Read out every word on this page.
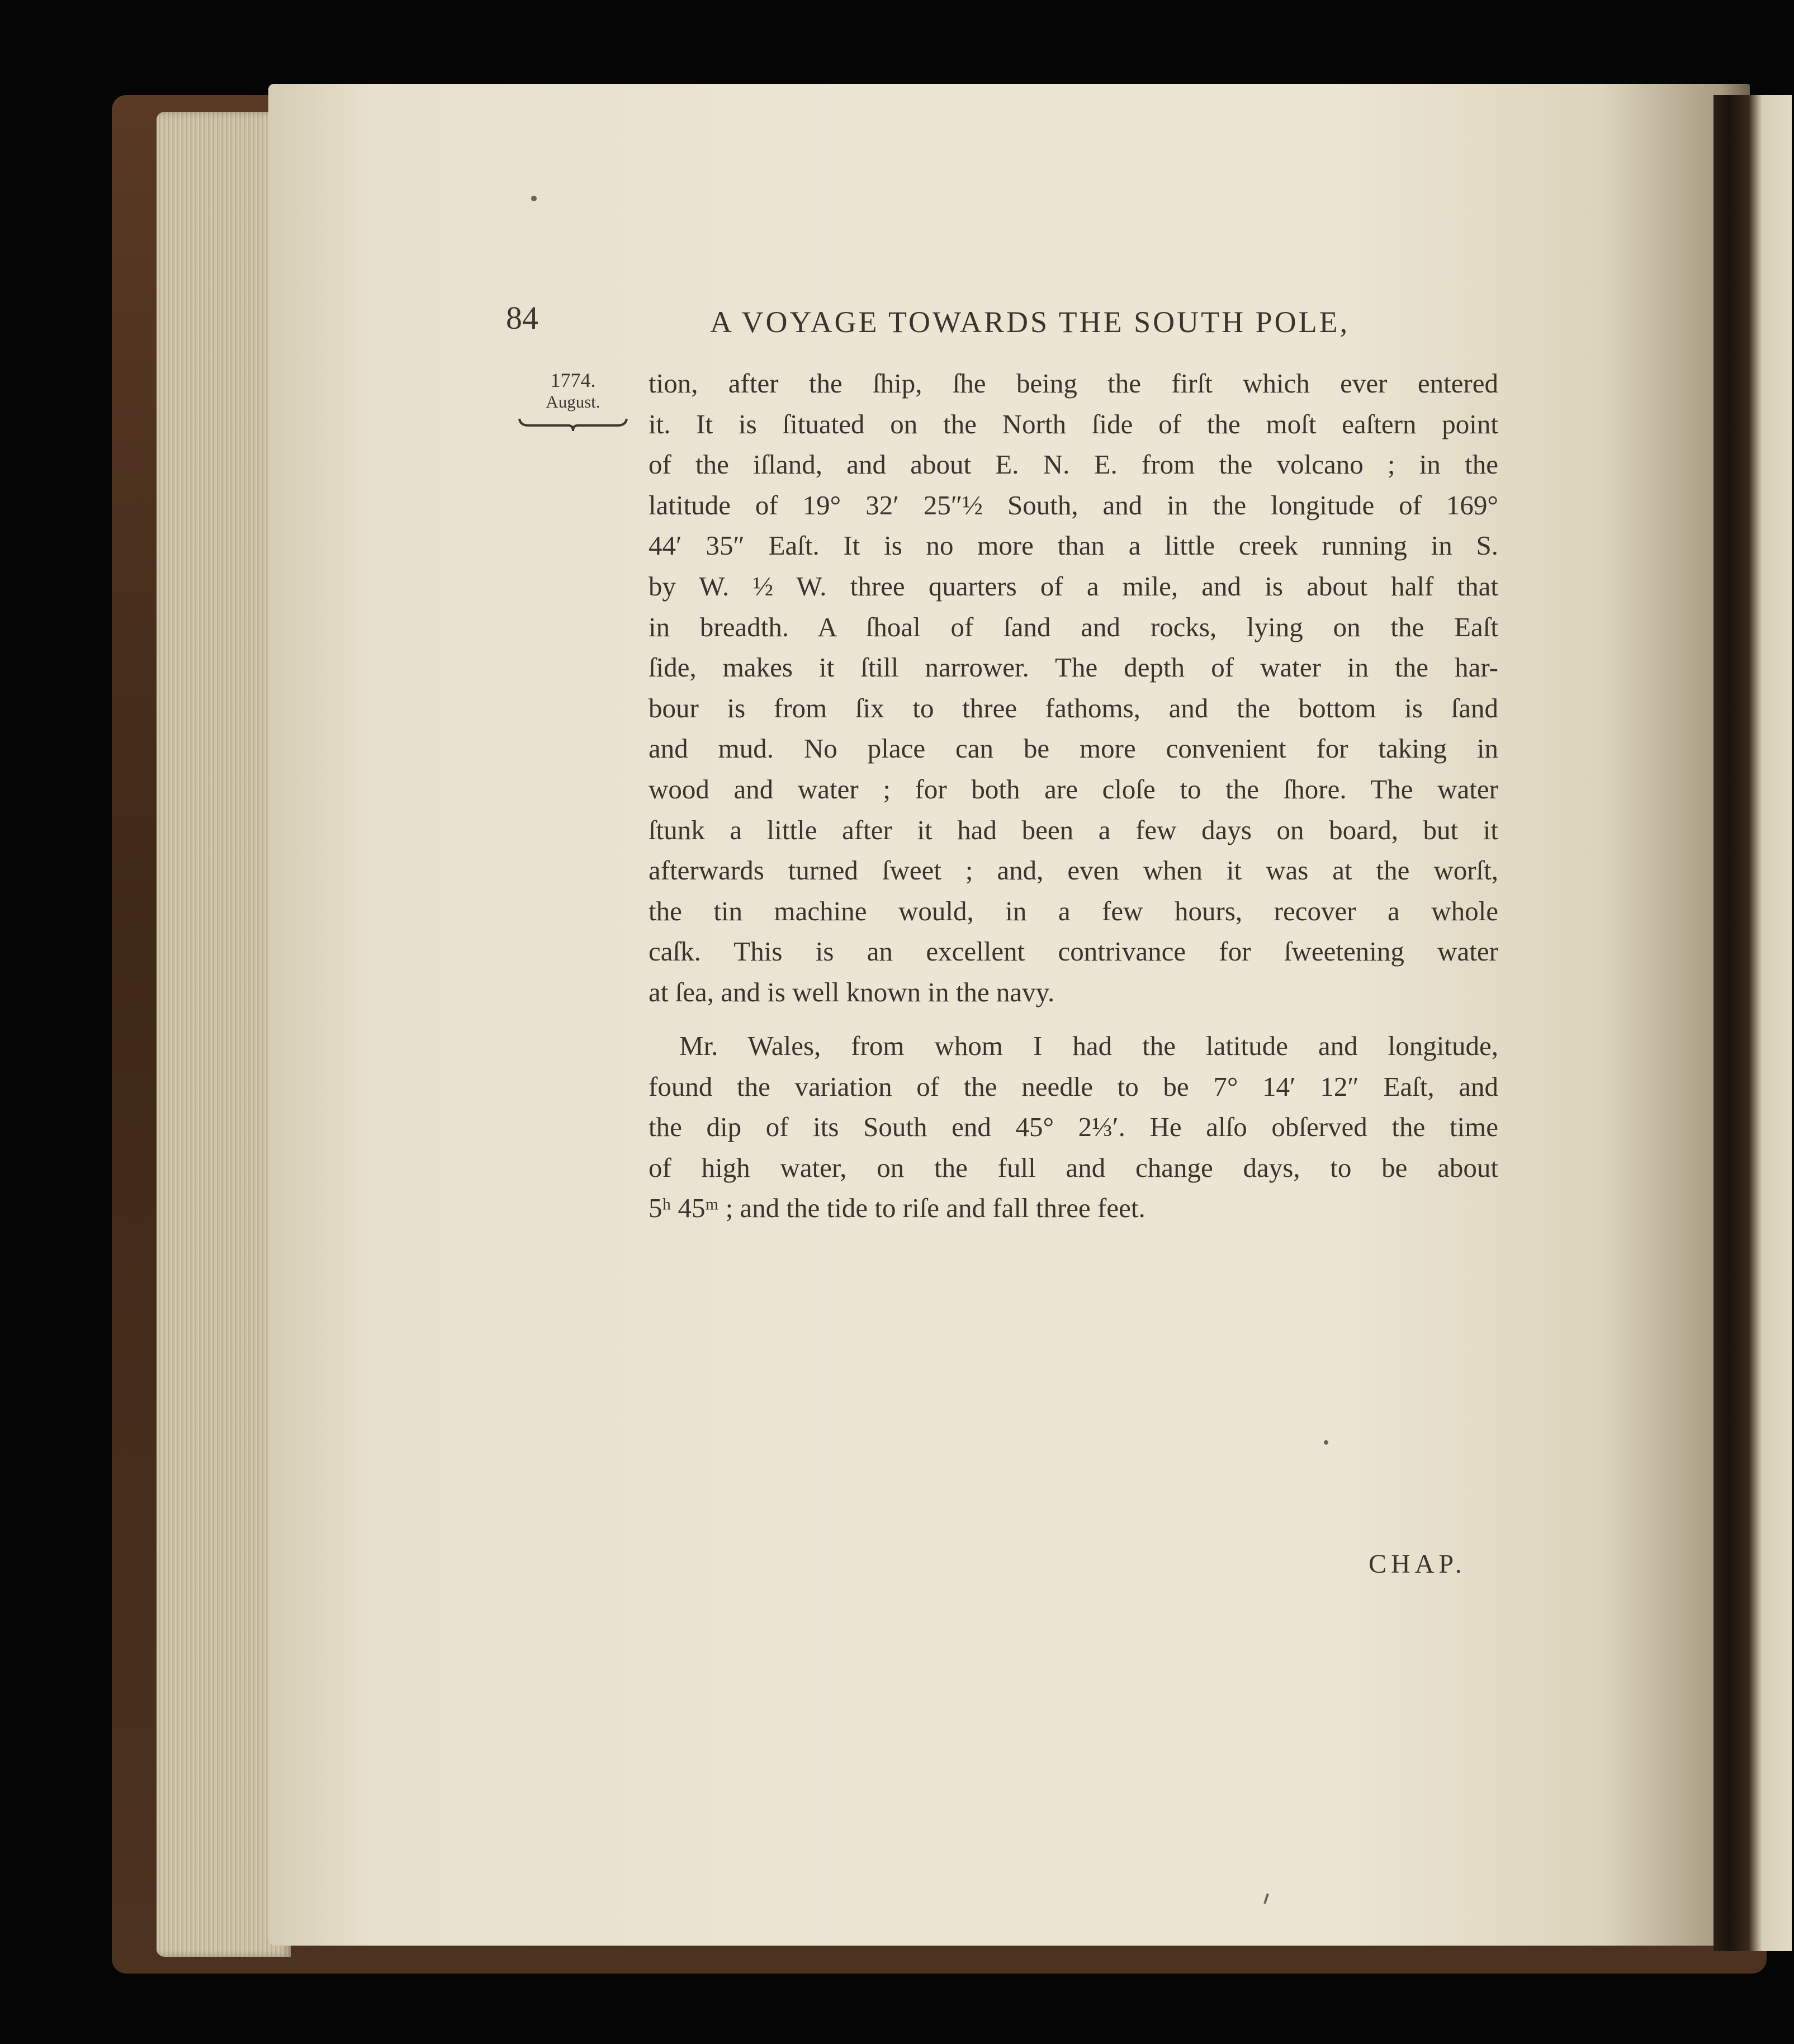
84	A VOYAGE TOWARDS THE SOUTH POLE,
1774.
August.
tion, after the ſhip, ſhe being the firſt which ever entered
it. It is ſituated on the North ſide of the moſt eaſtern point
of the iſland, and about E. N. E. from the volcano ; in the
latitude of 19° 32′ 25″½ South, and in the longitude of 169°
44′ 35″ Eaſt. It is no more than a little creek running in S.
by W. ½ W. three quarters of a mile, and is about half that
in breadth. A ſhoal of ſand and rocks, lying on the Eaſt
ſide, makes it ſtill narrower. The depth of water in the har-
bour is from ſix to three fathoms, and the bottom is ſand
and mud. No place can be more convenient for taking in
wood and water ; for both are cloſe to the ſhore. The water
ſtunk a little after it had been a few days on board, but it
afterwards turned ſweet ; and, even when it was at the worſt,
the tin machine would, in a few hours, recover a whole
caſk. This is an excellent contrivance for ſweetening water
at ſea, and is well known in the navy.
Mr. Wales, from whom I had the latitude and longitude,
found the variation of the needle to be 7° 14′ 12″ Eaſt, and
the dip of its South end 45° 2⅓′. He alſo obſerved the time
of high water, on the full and change days, to be about
5ʰ 45ᵐ ; and the tide to riſe and fall three feet.
CHAP.
